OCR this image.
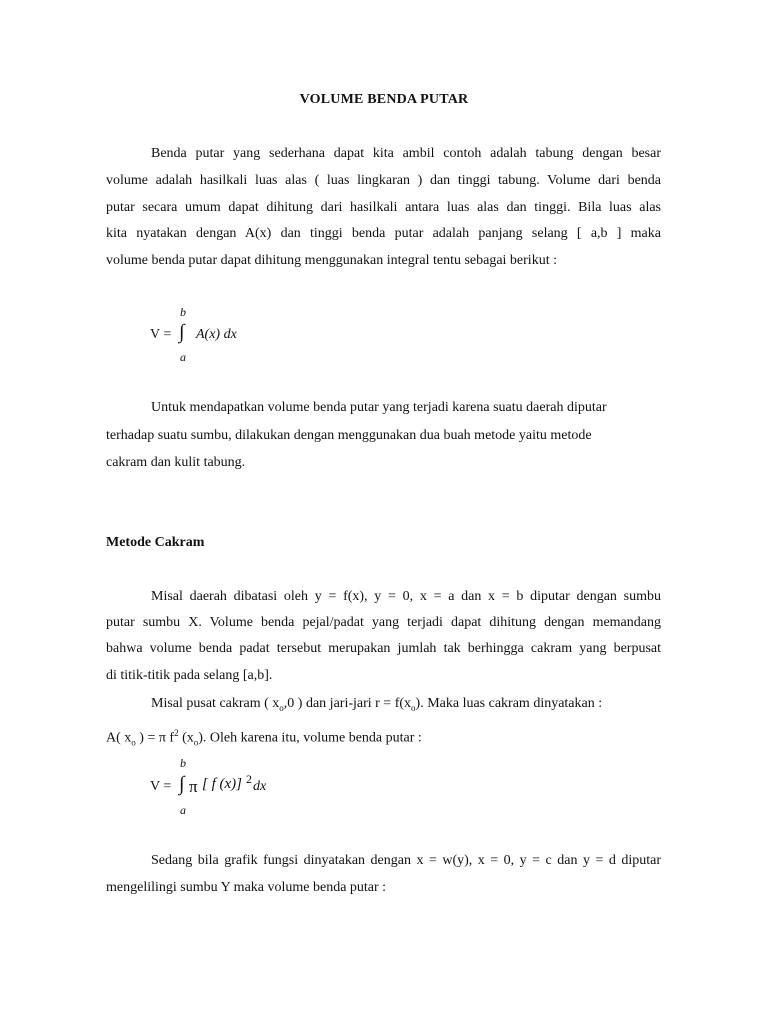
VOLUME BENDA PUTAR
Benda putar yang sederhana dapat kita ambil contoh adalah tabung dengan besar
volume adalah hasilkali luas alas ( luas lingkaran ) dan tinggi tabung. Volume dari benda
putar secara umum dapat dihitung dari hasilkali antara luas alas dan tinggi. Bila luas alas
kita nyatakan dengan A(x) dan tinggi benda putar adalah panjang selang [ a,b ] maka
volume benda putar dapat dihitung menggunakan integral tentu sebagai berikut :
b
V = ∫ A(x) dx
a
Untuk mendapatkan volume benda putar yang terjadi karena suatu daerah diputar
terhadap suatu sumbu, dilakukan dengan menggunakan dua buah metode yaitu metode
cakram dan kulit tabung.
Metode Cakram
Misal daerah dibatasi oleh y = f(x), y = 0, x = a dan x = b diputar dengan sumbu
putar sumbu X. Volume benda pejal/padat yang terjadi dapat dihitung dengan memandang
bahwa volume benda padat tersebut merupakan jumlah tak berhingga cakram yang berpusat
di titik-titik pada selang [a,b].
Misal pusat cakram ( $x_o,0$ ) dan jari-jari $r = f(x_o)$. Maka luas cakram dinyatakan :
A( $x_o$ ) = π $f^2$ $(x_o)$. Oleh karena itu, volume benda putar :
b
V = ∫ π [ f (x)] 2 dx
a
Sedang bila grafik fungsi dinyatakan dengan x = w(y), x = 0, y = c dan y = d diputar
mengelilingi sumbu Y maka volume benda putar :
